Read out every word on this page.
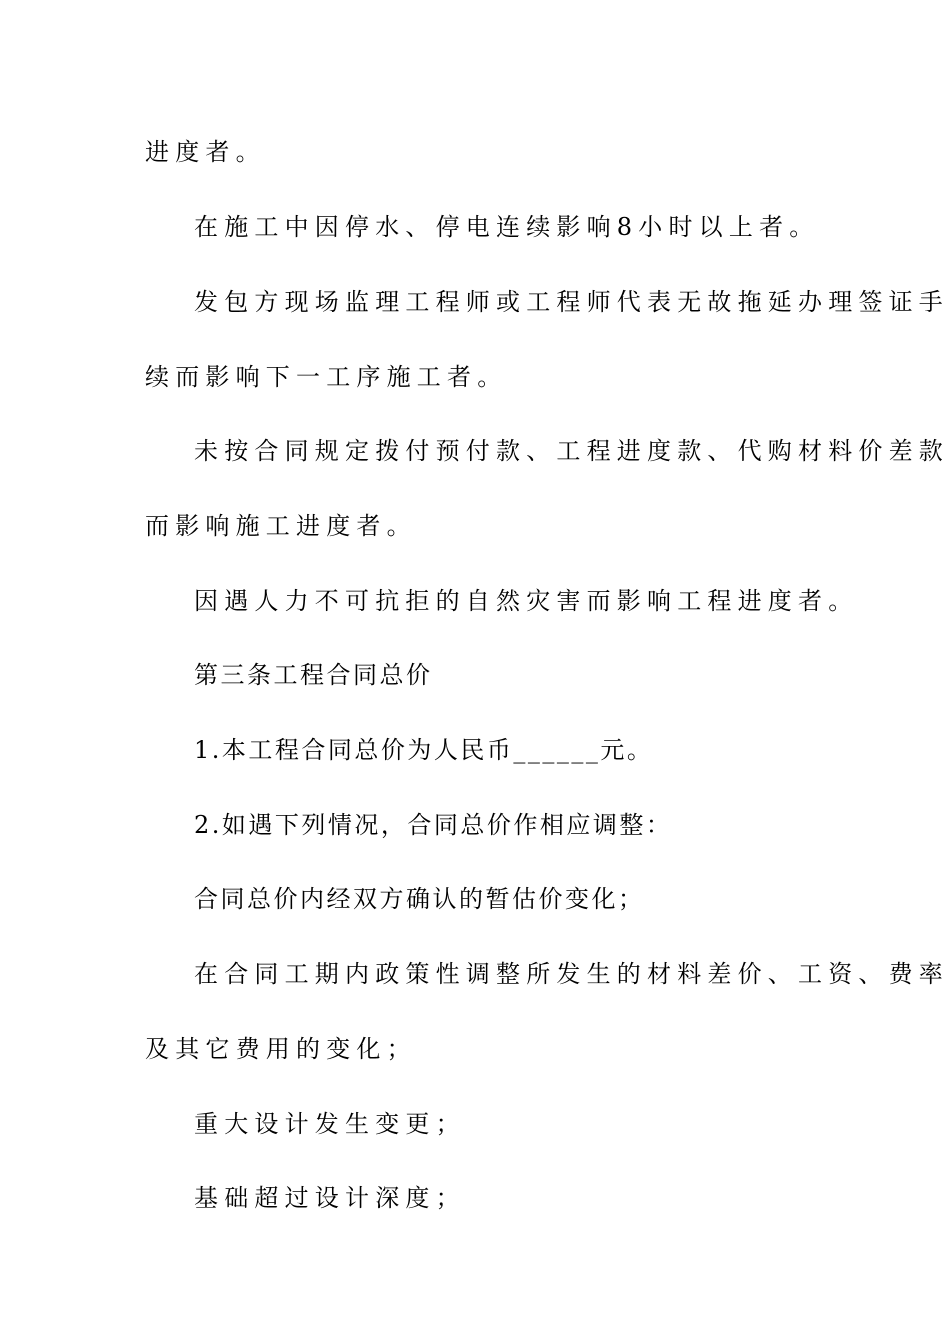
进度者。
在施工中因停水、停电连续影响8小时以上者。
发包方现场监理工程师或工程师代表无故拖延办理签证手
续而影响下一工序施工者。
未按合同规定拨付预付款、工程进度款、代购材料价差款
而影响施工进度者。
因遇人力不可抗拒的自然灾害而影响工程进度者。
第三条工程合同总价
1.本工程合同总价为人民币______元。
2.如遇下列情况，合同总价作相应调整：
合同总价内经双方确认的暂估价变化；
在合同工期内政策性调整所发生的材料差价、工资、费率
及其它费用的变化；
重大设计发生变更；
基础超过设计深度；
